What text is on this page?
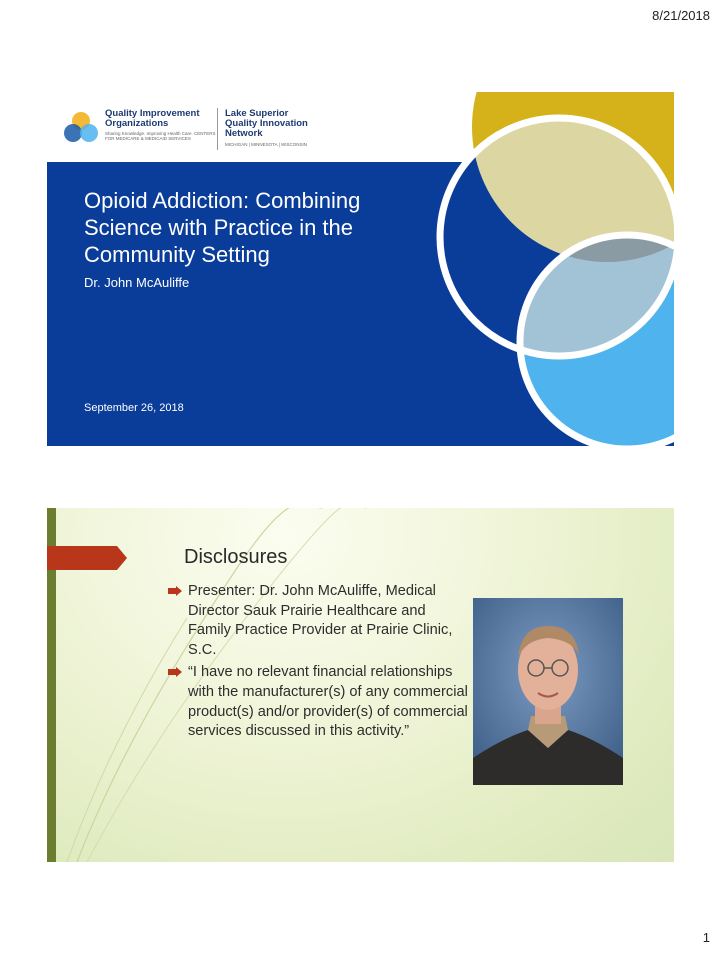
8/21/2018
Quality Improvement Organizations
Sharing Knowledge. Improving Health Care. CENTERS FOR MEDICARE & MEDICAID SERVICES
Lake Superior Quality Innovation Network
MICHIGAN | MINNESOTA | WISCONSIN
Opioid Addiction: Combining Science with Practice in the Community Setting
Dr. John McAuliffe
September 26, 2018
Disclosures
Presenter: Dr. John McAuliffe, Medical Director Sauk Prairie Healthcare and Family Practice Provider at Prairie Clinic, S.C.
“I have no relevant financial relationships with the manufacturer(s) of any commercial product(s) and/or provider(s) of commercial services discussed in this activity.”
1
